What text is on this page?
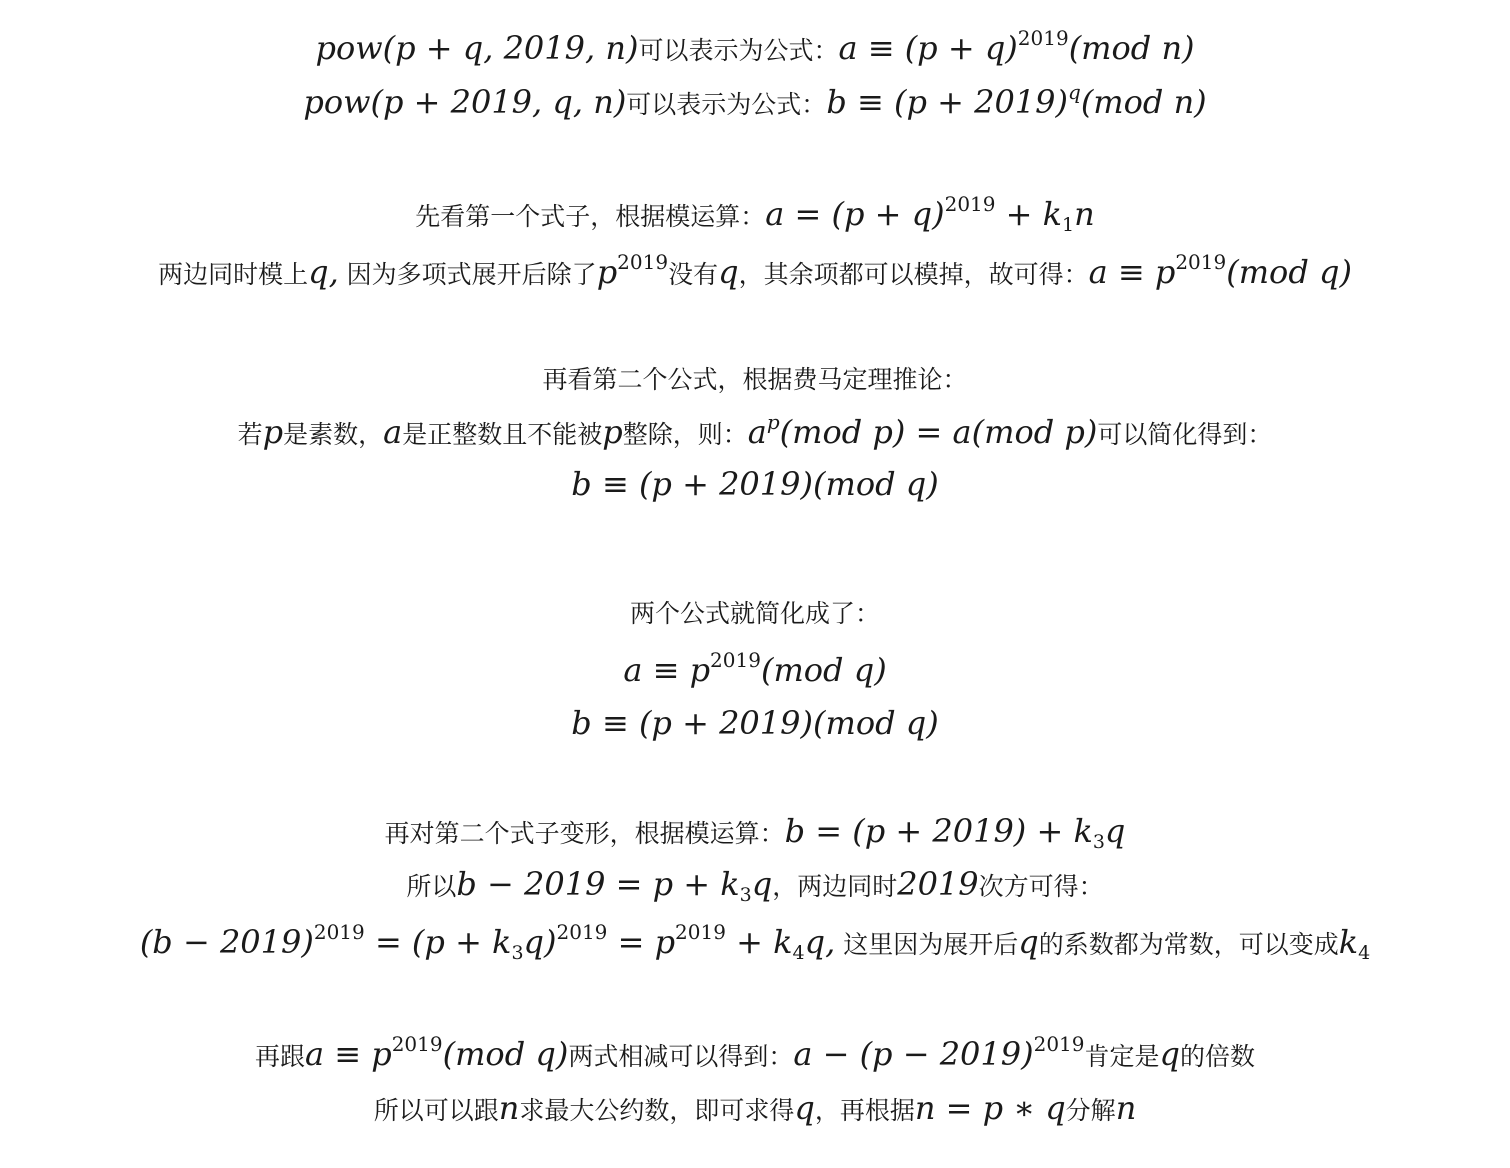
pow(p + q, 2019, n)可以表示为公式：$a \equiv (p + q)^{2019}(mod$ n)
pow(p + 2019, q, n)可以表示为公式：$b \equiv (p + 2019)^q(mod$ n)
先看第一个式子，根据模运算：$a = (p + q)^{2019} + k_1n$
两边同时模上q, 因为多项式展开后除了$p^{2019}$没有q，其余项都可以模掉，故可得：$a \equiv p^{2019}(mod$ q)
再看第二个公式，根据费马定理推论：
若p是素数，a是正整数且不能被p整除，则：$a^p(mod$ p) = a(mod p)可以简化得到：
b ≡ (p + 2019)(mod q)
两个公式就简化成了：
$a \equiv p^{2019}(mod$ q)
b ≡ (p + 2019)(mod q)
再对第二个式子变形，根据模运算：$b = (p + 2019) + k_3q$
所以$b - 2019 = p + k_3q$，两边同时2019次方可得：
$(b - 2019)^{2019} = (p + k_3q)^{2019} = p^{2019} + k_4q$, 这里因为展开后q的系数都为常数，可以变成$k_4$
再跟$a \equiv p^{2019}(mod$ q)两式相减可以得到：$a - (p - 2019)^{2019}$肯定是q的倍数
所以可以跟n求最大公约数，即可求得q，再根据n = p ∗ q分解n
